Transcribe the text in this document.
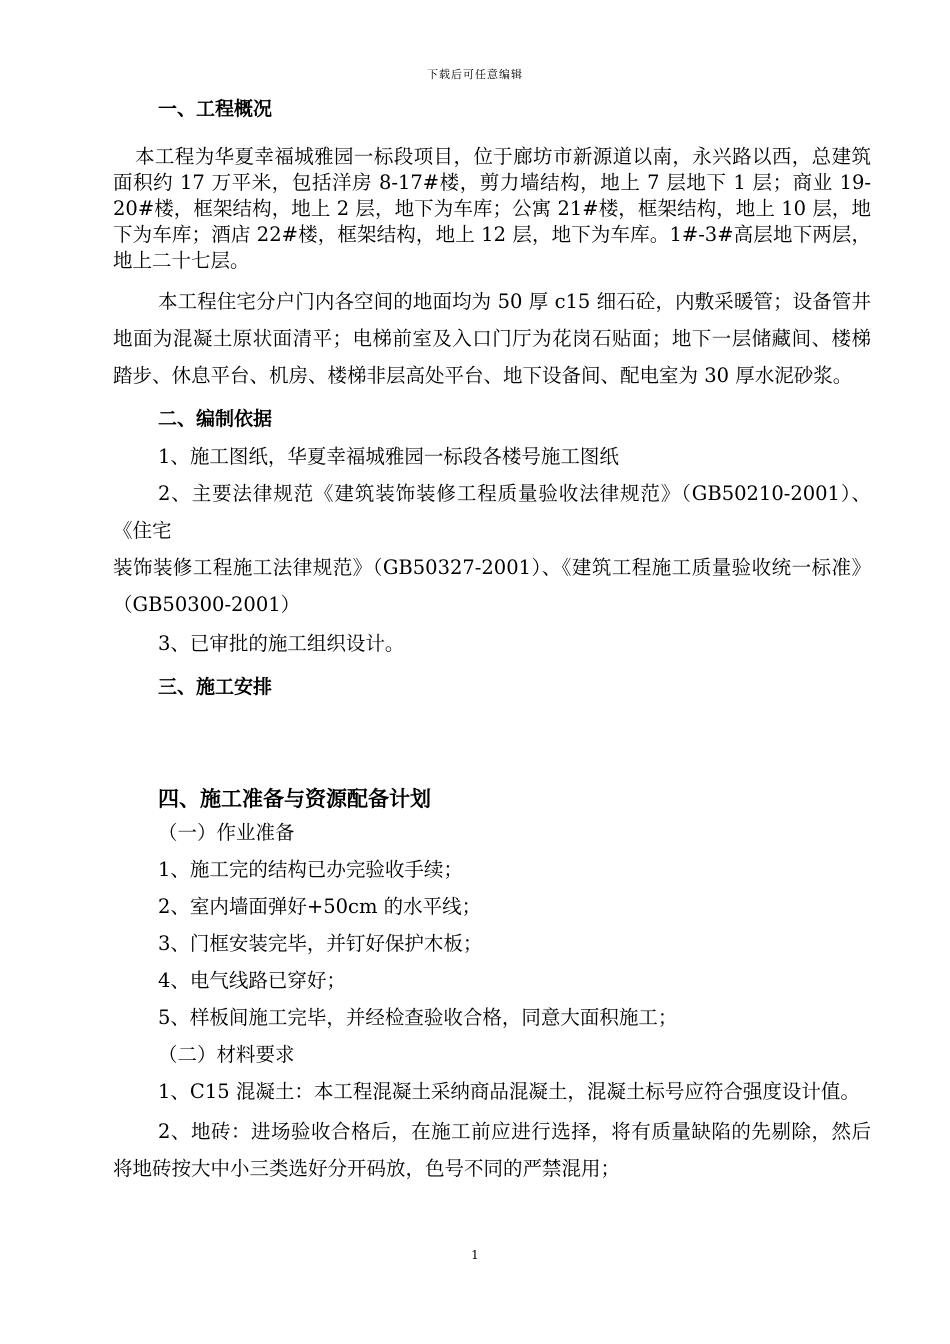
下载后可任意编辑
一、工程概况

本工程为华夏幸福城雅园一标段项目，位于廊坊市新源道以南，永兴路以西，总建筑面积约 17 万平米，包括洋房 8-17#楼，剪力墙结构，地上 7 层地下 1 层；商业 19-20#楼，框架结构，地上 2 层，地下为车库；公寓 21#楼，框架结构，地上 10 层，地下为车库；酒店 22#楼，框架结构，地上 12 层，地下为车库。1#-3#高层地下两层，地上二十七层。

本工程住宅分户门内各空间的地面均为 50 厚 c15 细石砼，内敷采暖管；设备管井地面为混凝土原状面清平；电梯前室及入口门厅为花岗石贴面；地下一层储藏间、楼梯踏步、休息平台、机房、楼梯非层高处平台、地下设备间、配电室为 30 厚水泥砂浆。

二、编制依据

1、施工图纸，华夏幸福城雅园一标段各楼号施工图纸

2、主要法律规范《建筑装饰装修工程质量验收法律规范》（GB50210-2001）、《住宅

装饰装修工程施工法律规范》（GB50327-2001）、《建筑工程施工质量验收统一标准》（GB50300-2001）

3、已审批的施工组织设计。

三、施工安排
四、施工准备与资源配备计划

（一）作业准备

1、施工完的结构已办完验收手续；

2、室内墙面弹好+50cm 的水平线；

3、门框安装完毕，并钉好保护木板；

4、电气线路已穿好；

5、样板间施工完毕，并经检查验收合格，同意大面积施工；

（二）材料要求

1、C15 混凝土：本工程混凝土采纳商品混凝土，混凝土标号应符合强度设计值。

2、地砖：进场验收合格后，在施工前应进行选择，将有质量缺陷的先剔除，然后将地砖按大中小三类选好分开码放，色号不同的严禁混用；

1
